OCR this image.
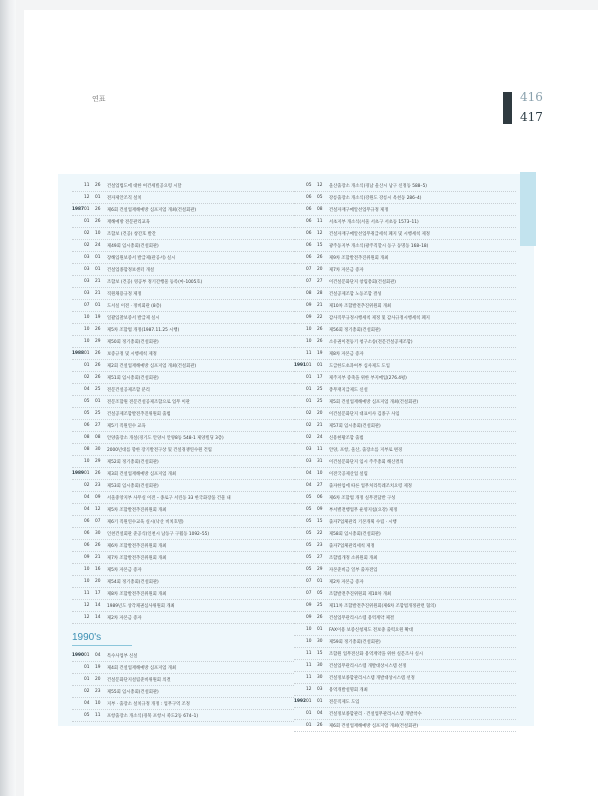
연표	416
417
11	26	건설업법도에 대한 여건세빌공요령 시달
12	01	전자제안조직 설치
1987 01	26	제6회 건설업재해예방 심포지엄 개최(건설회관)
01	26	재해예방 전문관리교육
02	10	조합보 (건공) 창간호 발간
02	24	제49회 임시총회(건설회관)
03	01	장해입원보증서 발급제(관공서) 실시
03	01	건설업종합정보센터 개설
03	21	조합보 (건공) 영공부 정기간행물 등록(마-1005호)
03	21	직원채용규정 제정
07	01	도서실 이전 · 정비회관 (8층)
10	19	일괄입찰보증서 발급제 실시
10	26	제5차 조합법 개정(1987.11.25 시행)
10	29	제50회 정기총회(건설회관)
1988 01	26	보증규정 및 시행세칙 제정
01	26	제2회 건설업재해예방 심포지엄 개최(건설회관)
02	26	제51회 임시총회(건설회관)
04	25	전문건설공제조합 분리
05	01	전문조합원 전문건설공제조합으로 업무 이관
05	25	건설공제조합발전추진위원회 출범
06	27	제5기 직원연수 교육
08	08	안양출장소 개설(경기도 안양시 안양8동 548-1 제양빌딩 3층)
08	30	2000년대를 향한 장기발전구상 및 건설경쟁연수원 건립
10	29	제52회 정기총회(건설회관)
1989 01	26	제3회 건설업재해예방 심포지엄 개최
02	23	제53회 임시총회(건설회관)
04	09	서울중앙지부 사무실 이전 – 종로구 서린동 33 한국화장품 건물 내
04	12	제5차 조합발전추진위원회 개최
06	07	제6기 직원연수교육 실시(낙산 비치호텔)
06	30	인천건설회관 준공식(인천시 남동구 구월동 1092–55)
06	26	제6차 조합발전추진위원회 개최
09	21	제7차 조합발전추진위원회 개최
10	16	제5차 자본금 증자
10	20	제54회 정기총회(건설회관)
11	17	제8차 조합발전추진위원회 개최
12	14	1989년도 상각채권심사위원회 개최
12	14	제2차 자본금 증자
1990's
1990 01	04	특수사업부 신설
01	19	제4회 건설업재해예방 심포지엄 개최
01	20	건설문화단지설립준비위원회 의결
02	23	제55회 임시총회(건설회관)
04	10	지부 · 출장소 설치규정 개정 : 업무구역 조정
05	11	포항출장소 개소식(경북 포항시 죽도2동 674–1)
05	12	울산출장소 개소식(경남 울산시 남구 신정동 588–5)
06	05	강릉출장소 개소식(강원도 강릉시 옥천동 286–4)
06	08	건설자재구매알선업무규정 제정
06	11	서초지부 개소식(서울 서초구 서초동 1573–11)
06	12	건설자재구매알선업무취급세칙 폐지 및 시행세칙 제정
06	15	광주동지부 개소식(광주직할시 동구 동명동 168–18)
06	26	제9차 조합발전추진위원회 개최
07	20	제7차 자본금 증자
07	27	이건설문화단지 창립총회(건설회관)
08	28	건설공제조합 노동조합 결성
09	21	제10차 조합발전추진위원회 개최
09	22	감사직무규정시행세칙 제정 및 감사규정시행세칙 폐지
10	26	제56회 정기총회(건설회관)
10	26	소유권이전등기 청구소송(전문건설공제조합)
11	19	제8차 자본금 증자
1991 01	01	도급한도초과여부 심사제도 도입
01	17	제주지부 증축을 위한 부지매입(276.4평)
01	25	총무재지급제도 신설
01	25	제5회 건설업재해예방 심포지엄 개최(건설회관)
02	20	이건설문화단지 대표이사 김종구 사임
02	21	제57회 임시총회(건설회관)
02	24	신용현황조합 출범
03	11	안양, 포항, 울산, 출장소를 지부로 변경
03	31	이건설문화단지 임시 주주총회 해산결의
04	10	이전국공제산업 설립
04	27	출자한임에 따른 업무처리특례조치요령 제정
05	06	제6차 조합법 개정 실무전담반 구성
05	09	부서별전행업무 운영지침(요강) 제정
05	15	출자7업체관리 기본개획 수립 · 시행
05	22	제58회 임시총회(건설회관)
05	23	출자7업체관리세칙 제정
05	27	조합법개정 소위원회 개최
05	29	자본준비금 일부 출자전입
07	01	제2차 자본금 증자
07	05	조합발전추진위원회 제10차 개최
09	25	제11차 조합발전추진위원회(제6차 조합법개정관련 협의)
09	26	건설업무관리시스템 용역계약 체결
10	01	FAX이용 보증신청제도 전보충 출력요원 확대
10	30	제59회 정기총회(건설회관)
11	15	조합원 업무전산화 용역계약을 위한 실문조사 실시
11	30	건설업무관리시스템 개발대상시스템 선정
11	30	건설정보종합관리시스템 개발대상시스템 선정
12	03	용역개발설명회 개최
1992 01	01	전문직제도 도입
01	04	건설정보종합관리 · 건설업무관리시스템 개발착수
01	26	제6회 건설업재해예방 심포지엄 개최(건설회관)
